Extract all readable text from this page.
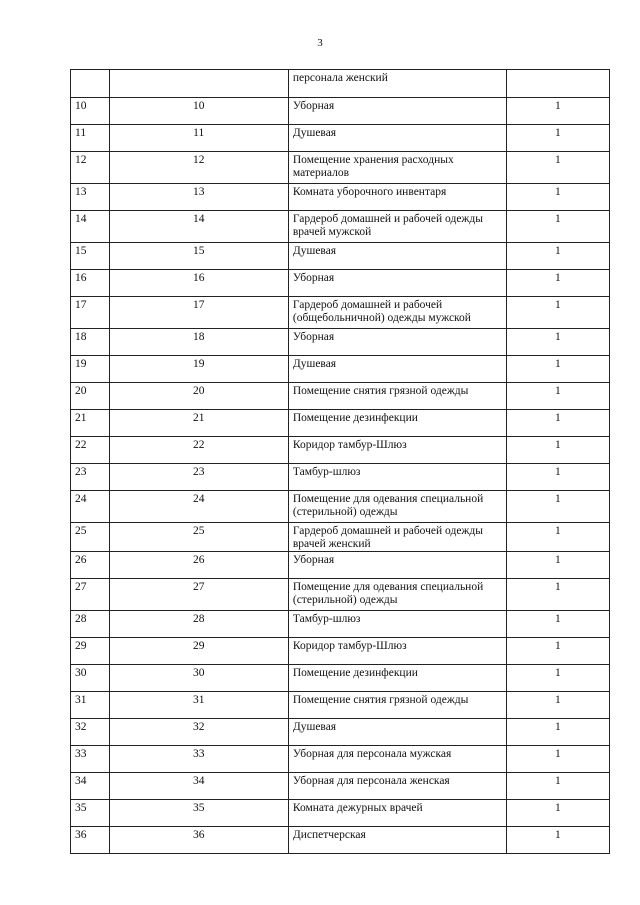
3
		персонала женский	
10	10	Уборная	1
11	11	Душевая	1
12	12	Помещение хранения расходных материалов	1
13	13	Комната уборочного инвентаря	1
14	14	Гардероб домашней и рабочей одежды врачей мужской	1
15	15	Душевая	1
16	16	Уборная	1
17	17	Гардероб домашней и рабочей (общебольничной) одежды мужской	1
18	18	Уборная	1
19	19	Душевая	1
20	20	Помещение снятия грязной одежды	1
21	21	Помещение дезинфекции	1
22	22	Коридор тамбур-Шлюз	1
23	23	Тамбур-шлюз	1
24	24	Помещение для одевания специальной (стерильной) одежды	1
25	25	Гардероб домашней и рабочей одежды врачей женский	1
26	26	Уборная	1
27	27	Помещение для одевания специальной (стерильной) одежды	1
28	28	Тамбур-шлюз	1
29	29	Коридор тамбур-Шлюз	1
30	30	Помещение дезинфекции	1
31	31	Помещение снятия грязной одежды	1
32	32	Душевая	1
33	33	Уборная для персонала мужская	1
34	34	Уборная для персонала женская	1
35	35	Комната дежурных врачей	1
36	36	Диспетчерская	1
